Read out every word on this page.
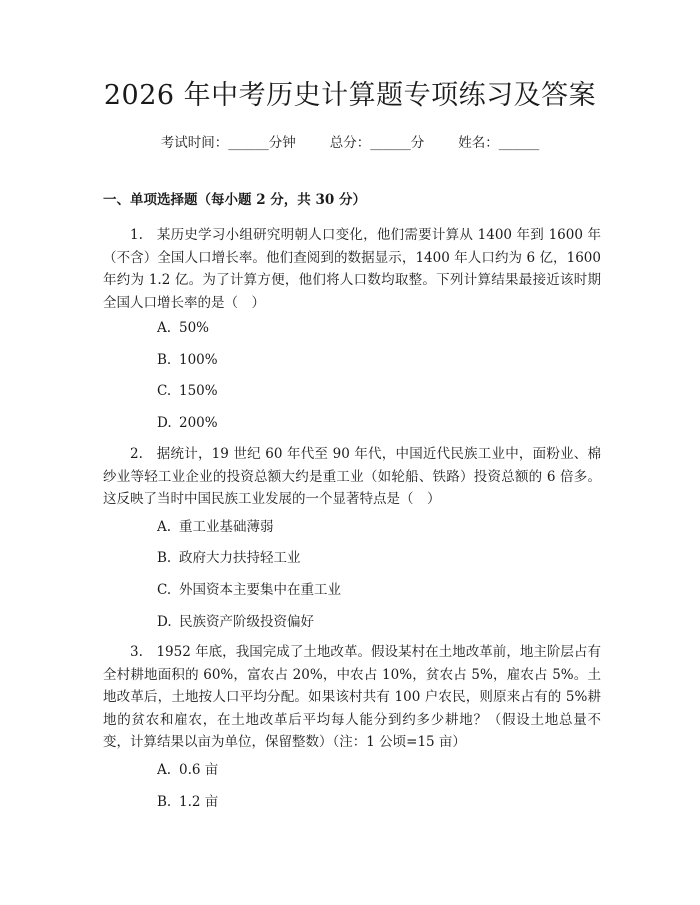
2026 年中考历史计算题专项练习及答案
考试时间：______分钟	总分：______分	姓名：______
一、单项选择题（每小题 2 分，共 30 分）
1.　某历史学习小组研究明朝人口变化，他们需要计算从 1400 年到 1600 年（不含）全国人口增长率。他们查阅到的数据显示，1400 年人口约为 6 亿，1600 年约为 1.2 亿。为了计算方便，他们将人口数均取整。下列计算结果最接近该时期全国人口增长率的是（　）
A. 50%
B. 100%
C. 150%
D. 200%
2.　据统计，19 世纪 60 年代至 90 年代，中国近代民族工业中，面粉业、棉纱业等轻工业企业的投资总额大约是重工业（如轮船、铁路）投资总额的 6 倍多。这反映了当时中国民族工业发展的一个显著特点是（　）
A. 重工业基础薄弱
B. 政府大力扶持轻工业
C. 外国资本主要集中在重工业
D. 民族资产阶级投资偏好
3.　1952 年底，我国完成了土地改革。假设某村在土地改革前，地主阶层占有全村耕地面积的 60%，富农占 20%，中农占 10%，贫农占 5%，雇农占 5%。土地改革后，土地按人口平均分配。如果该村共有 100 户农民，则原来占有的 5%耕地的贫农和雇农，在土地改革后平均每人能分到约多少耕地？（假设土地总量不变，计算结果以亩为单位，保留整数）（注：1 公顷=15 亩）
A. 0.6 亩
B. 1.2 亩
